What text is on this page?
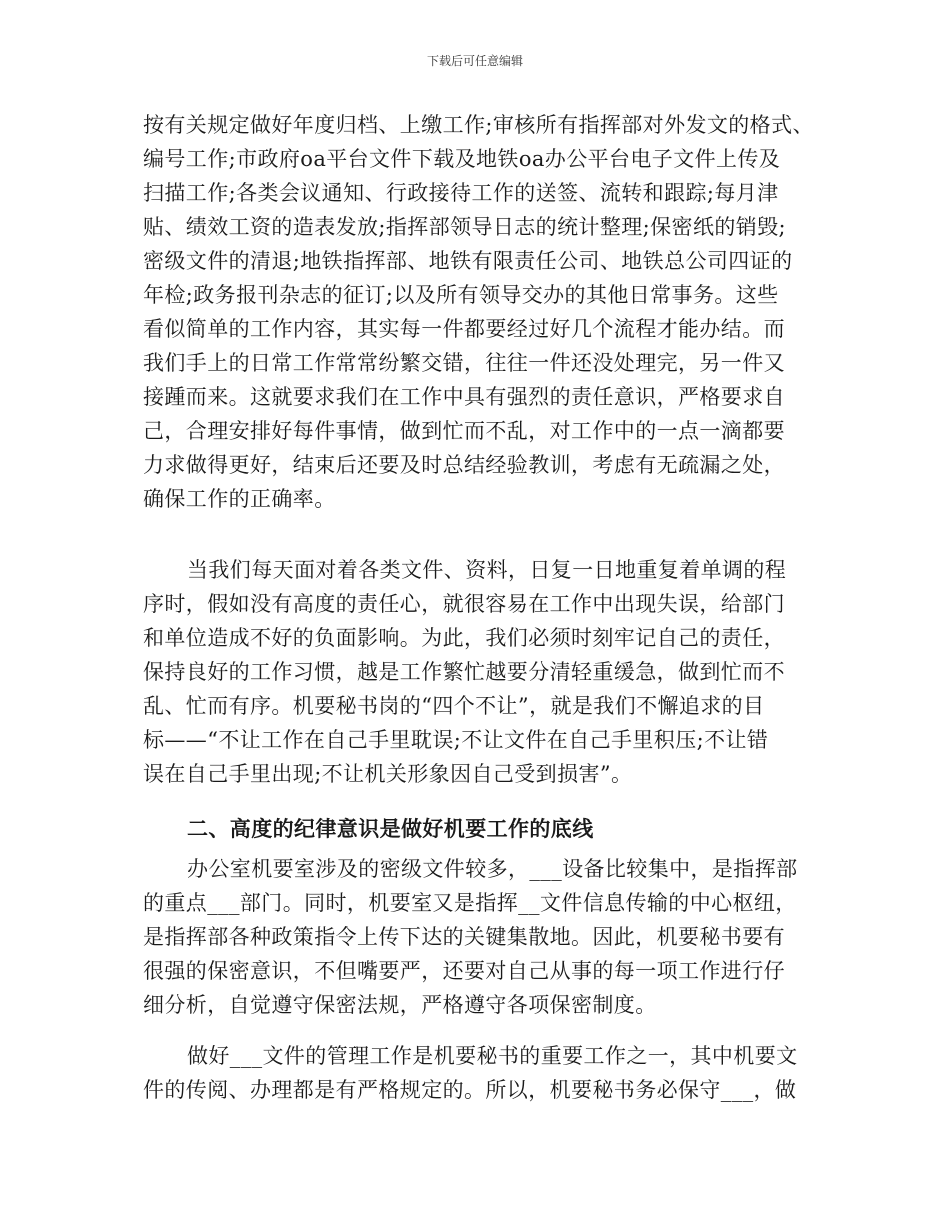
下载后可任意编辑
按有关规定做好年度归档、上缴工作;审核所有指挥部对外发文的格式、
编号工作;市政府oa平台文件下载及地铁oa办公平台电子文件上传及
扫描工作;各类会议通知、行政接待工作的送签、流转和跟踪;每月津
贴、绩效工资的造表发放;指挥部领导日志的统计整理;保密纸的销毁;
密级文件的清退;地铁指挥部、地铁有限责任公司、地铁总公司四证的
年检;政务报刊杂志的征订;以及所有领导交办的其他日常事务。这些
看似简单的工作内容，其实每一件都要经过好几个流程才能办结。而
我们手上的日常工作常常纷繁交错，往往一件还没处理完，另一件又
接踵而来。这就要求我们在工作中具有强烈的责任意识，严格要求自
己，合理安排好每件事情，做到忙而不乱，对工作中的一点一滴都要
力求做得更好，结束后还要及时总结经验教训，考虑有无疏漏之处，
确保工作的正确率。
当我们每天面对着各类文件、资料，日复一日地重复着单调的程
序时，假如没有高度的责任心，就很容易在工作中出现失误，给部门
和单位造成不好的负面影响。为此，我们必须时刻牢记自己的责任，
保持良好的工作习惯，越是工作繁忙越要分清轻重缓急，做到忙而不
乱、忙而有序。机要秘书岗的“四个不让”，就是我们不懈追求的目
标——“不让工作在自己手里耽误;不让文件在自己手里积压;不让错
误在自己手里出现;不让机关形象因自己受到损害”。
二、高度的纪律意识是做好机要工作的底线
办公室机要室涉及的密级文件较多，___设备比较集中，是指挥部
的重点___部门。同时，机要室又是指挥__文件信息传输的中心枢纽，
是指挥部各种政策指令上传下达的关键集散地。因此，机要秘书要有
很强的保密意识，不但嘴要严，还要对自己从事的每一项工作进行仔
细分析，自觉遵守保密法规，严格遵守各项保密制度。
做好___文件的管理工作是机要秘书的重要工作之一，其中机要文
件的传阅、办理都是有严格规定的。所以，机要秘书务必保守___，做
